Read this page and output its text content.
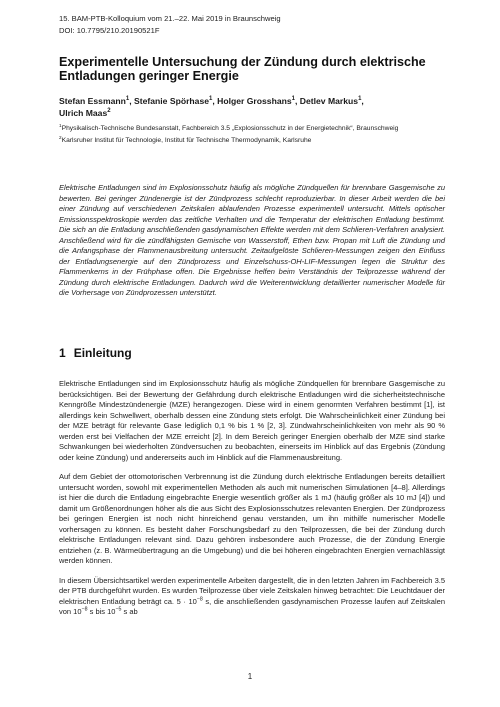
15. BAM-PTB-Kolloquium vom 21.–22. Mai 2019 in Braunschweig
DOI: 10.7795/210.20190521F
Experimentelle Untersuchung der Zündung durch elektrische Entladungen geringer Energie
Stefan Essmann$^1$, Stefanie Spörhase$^1$, Holger Grosshans$^1$, Detlev Markus$^1$,
Ulrich Maas$^2$
$^1$Physikalisch-Technische Bundesanstalt, Fachbereich 3.5 „Explosionsschutz in der Energietechnik“, Braunschweig
$^2$Karlsruher Institut für Technologie, Institut für Technische Thermodynamik, Karlsruhe
Elektrische Entladungen sind im Explosionsschutz häufig als mögliche Zündquellen für brennbare Gasgemische zu bewerten. Bei geringer Zündenergie ist der Zündprozess schlecht reproduzierbar. In dieser Arbeit werden die bei einer Zündung auf verschiedenen Zeitskalen ablaufenden Prozesse experimentell untersucht. Mittels optischer Emissionsspektroskopie werden das zeitliche Verhalten und die Temperatur der elektrischen Entladung bestimmt. Die sich an die Entladung anschließenden gasdynamischen Effekte werden mit dem Schlieren-Verfahren analysiert. Anschließend wird für die zündfähigsten Gemische von Wasserstoff, Ethen bzw. Propan mit Luft die Zündung und die Anfangsphase der Flammenausbreitung untersucht. Zeitaufgelöste Schlieren-Messungen zeigen den Einfluss der Entladungsenergie auf den Zündprozess und Einzelschuss-OH-LIF-Messungen legen die Struktur des Flammenkerns in der Frühphase offen. Die Ergebnisse helfen beim Verständnis der Teilprozesse während der Zündung durch elektrische Entladungen. Dadurch wird die Weiterentwicklung detaillierter numerischer Modelle für die Vorhersage von Zündprozessen unterstützt.
1 Einleitung

Elektrische Entladungen sind im Explosionsschutz häufig als mögliche Zündquellen für brennbare Gasgemische zu berücksichtigen. Bei der Bewertung der Gefährdung durch elektrische Entladungen wird die sicherheitstechnische Kenngröße Mindestzündenergie (MZE) herangezogen. Diese wird in einem genormten Verfahren bestimmt [1], ist allerdings kein Schwellwert, oberhalb dessen eine Zündung stets erfolgt. Die Wahrscheinlichkeit einer Zündung bei der MZE beträgt für relevante Gase lediglich 0,1 % bis 1 % [2, 3]. Zündwahrscheinlichkeiten von mehr als 90 % werden erst bei Vielfachen der MZE erreicht [2]. In dem Bereich geringer Energien oberhalb der MZE sind starke Schwankungen bei wiederholten Zündversuchen zu beobachten, einerseits im Hinblick auf das Ergebnis (Zündung oder keine Zündung) und andererseits auch im Hinblick auf die Flammenausbreitung.

Auf dem Gebiet der ottomotorischen Verbrennung ist die Zündung durch elektrische Entladungen bereits detailliert untersucht worden, sowohl mit experimentellen Methoden als auch mit numerischen Simulationen [4–8]. Allerdings ist hier die durch die Entladung eingebrachte Energie wesentlich größer als 1 mJ (häufig größer als 10 mJ [4]) und damit um Größenordnungen höher als die aus Sicht des Explosionsschutzes relevanten Energien. Der Zündprozess bei geringen Energien ist noch nicht hinreichend genau verstanden, um ihn mithilfe numerischer Modelle vorhersagen zu können. Es besteht daher Forschungsbedarf zu den Teilprozessen, die bei der Zündung durch elektrische Entladungen relevant sind. Dazu gehören insbesondere auch Prozesse, die der Zündung Energie entziehen (z. B. Wärmeübertragung an die Umgebung) und die bei höheren eingebrachten Energien vernachlässigt werden können.

In diesem Übersichtsartikel werden experimentelle Arbeiten dargestellt, die in den letzten Jahren im Fachbereich 3.5 der PTB durchgeführt wurden. Es wurden Teilprozesse über viele Zeitskalen hinweg betrachtet: Die Leuchtdauer der elektrischen Entladung beträgt ca. $5 \cdot 10^{-8}$ s, die anschließenden gasdynamischen Prozesse laufen auf Zeitskalen von $10^{-8}$ s bis $10^{-5}$ s ab

1
